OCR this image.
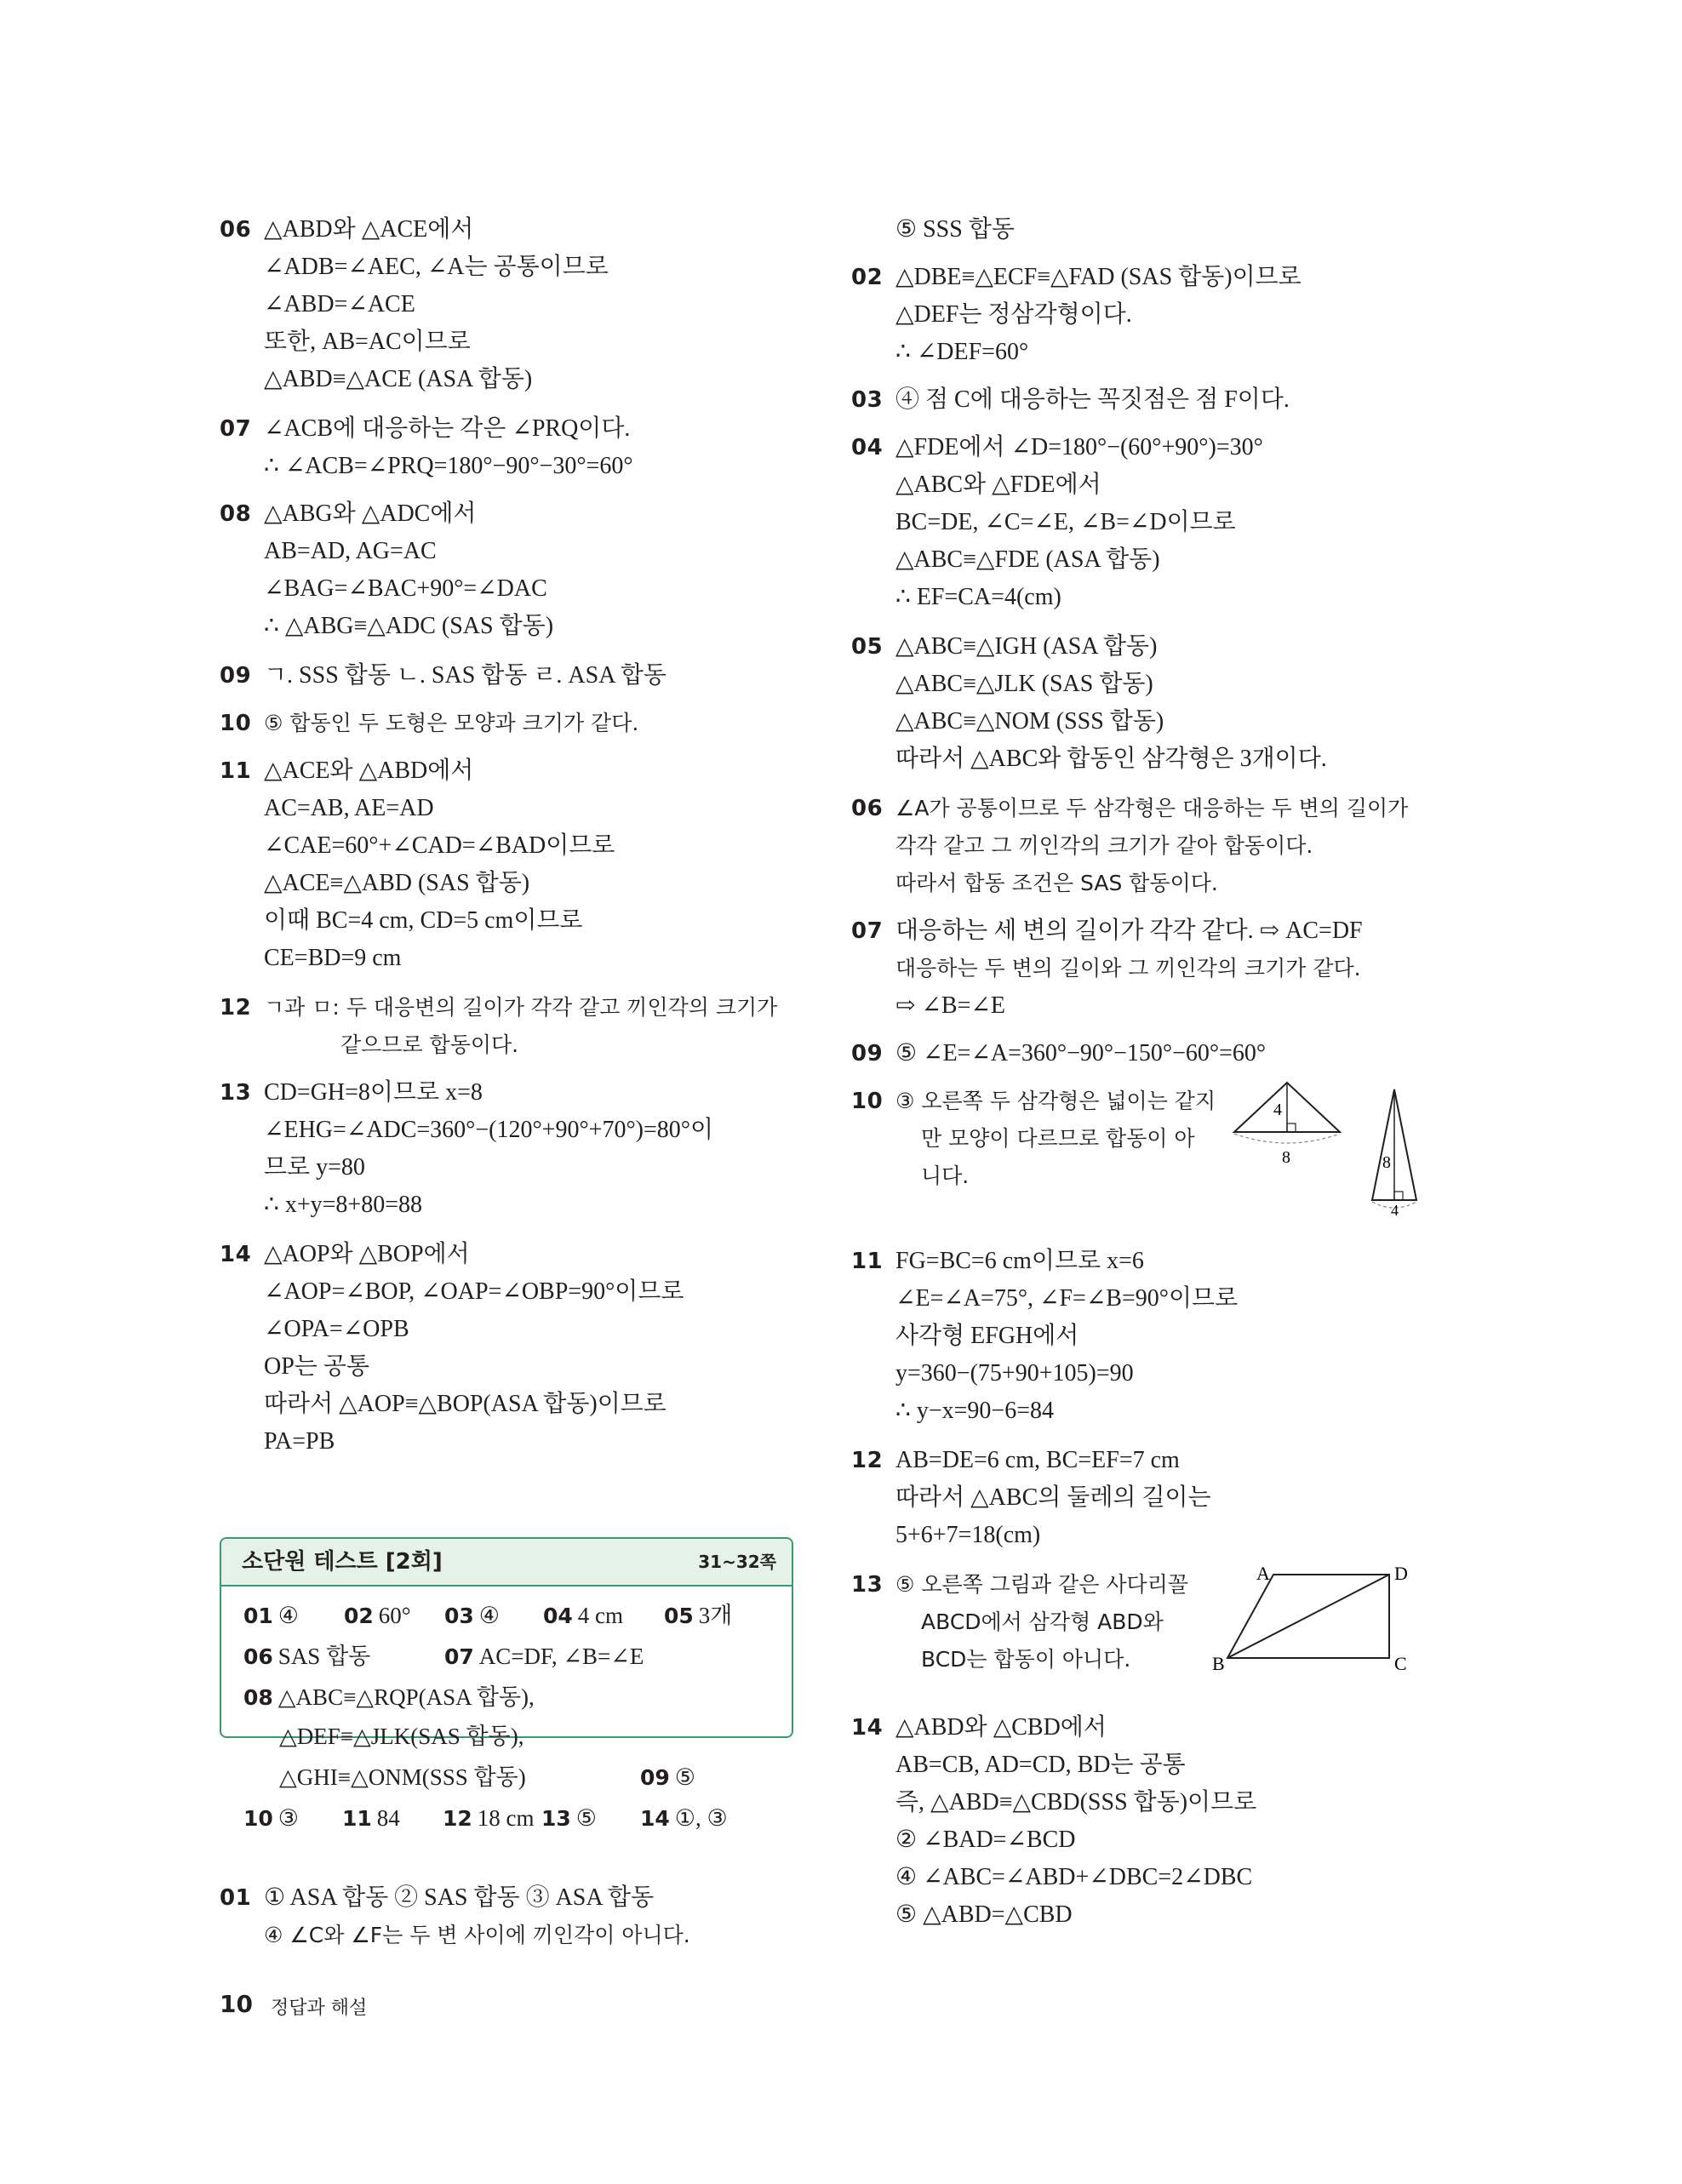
06 △ABD와 △ACE에서
∠ADB=∠AEC, ∠A는 공통이므로
∠ABD=∠ACE
또한, AB=AC이므로
△ABD≡△ACE (ASA 합동)
07 ∠ACB에 대응하는 각은 ∠PRQ이다.
∴ ∠ACB=∠PRQ=180°−90°−30°=60°
08 △ABG와 △ADC에서
AB=AD, AG=AC
∠BAG=∠BAC+90°=∠DAC
∴ △ABG≡△ADC (SAS 합동)
09 ㄱ. SSS 합동 ㄴ. SAS 합동 ㄹ. ASA 합동
10 ⑤ 합동인 두 도형은 모양과 크기가 같다.
11 △ACE와 △ABD에서
AC=AB, AE=AD
∠CAE=60°+∠CAD=∠BAD이므로
△ACE≡△ABD (SAS 합동)
이때 BC=4 cm, CD=5 cm이므로
CE=BD=9 cm
12 ㄱ과 ㅁ: 두 대응변의 길이가 각각 같고 끼인각의 크기가
같으므로 합동이다.
13 CD=GH=8이므로 x=8
∠EHG=∠ADC=360°−(120°+90°+70°)=80°이
므로 y=80
∴ x+y=8+80=88
14 △AOP와 △BOP에서
∠AOP=∠BOP, ∠OAP=∠OBP=90°이므로
∠OPA=∠OPB
OP는 공통
따라서 △AOP≡△BOP(ASA 합동)이므로
PA=PB
01 ① ASA 합동 ② SAS 합동 ③ ASA 합동
④ ∠C와 ∠F는 두 변 사이에 끼인각이 아니다.
소단원 테스트 [2회]	31~32쪽
01 ④ 02 60° 03 ④ 04 4 cm 05 3개
06 SAS 합동	07 AC=DF, ∠B=∠E
08 △ABC≡△RQP(ASA 합동),
△DEF≡△JLK(SAS 합동),
△GHI≡△ONM(SSS 합동)	09 ⑤
10 ③ 11 84 12 18 cm 13 ⑤ 14 ①, ③
⑤ SSS 합동
02 △DBE≡△ECF≡△FAD (SAS 합동)이므로
△DEF는 정삼각형이다.
∴ ∠DEF=60°
03 ④ 점 C에 대응하는 꼭짓점은 점 F이다.
04 △FDE에서 ∠D=180°−(60°+90°)=30°
△ABC와 △FDE에서
BC=DE, ∠C=∠E, ∠B=∠D이므로
△ABC≡△FDE (ASA 합동)
∴ EF=CA=4(cm)
05 △ABC≡△IGH (ASA 합동)
△ABC≡△JLK (SAS 합동)
△ABC≡△NOM (SSS 합동)
따라서 △ABC와 합동인 삼각형은 3개이다.
06 ∠A가 공통이므로 두 삼각형은 대응하는 두 변의 길이가
각각 같고 그 끼인각의 크기가 같아 합동이다.
따라서 합동 조건은 SAS 합동이다.
07 대응하는 세 변의 길이가 각각 같다. ⇨ AC=DF
대응하는 두 변의 길이와 그 끼인각의 크기가 같다.
⇨ ∠B=∠E
09 ⑤ ∠E=∠A=360°−90°−150°−60°=60°
10 ③ 오른쪽 두 삼각형은 넓이는 같지
만 모양이 다르므로 합동이 아
니다.
11 FG=BC=6 cm이므로 x=6
∠E=∠A=75°, ∠F=∠B=90°이므로
사각형 EFGH에서
y=360−(75+90+105)=90
∴ y−x=90−6=84
12 AB=DE=6 cm, BC=EF=7 cm
따라서 △ABC의 둘레의 길이는
5+6+7=18(cm)
13 ⑤ 오른쪽 그림과 같은 사다리꼴
ABCD에서 삼각형 ABD와
BCD는 합동이 아니다.
14 △ABD와 △CBD에서
AB=CB, AD=CD, BD는 공통
즉, △ABD≡△CBD(SSS 합동)이므로
② ∠BAD=∠BCD
④ ∠ABC=∠ABD+∠DBC=2∠DBC
⑤ △ABD=△CBD
4
8	8
4
A	D
B	C
10 정답과 해설
